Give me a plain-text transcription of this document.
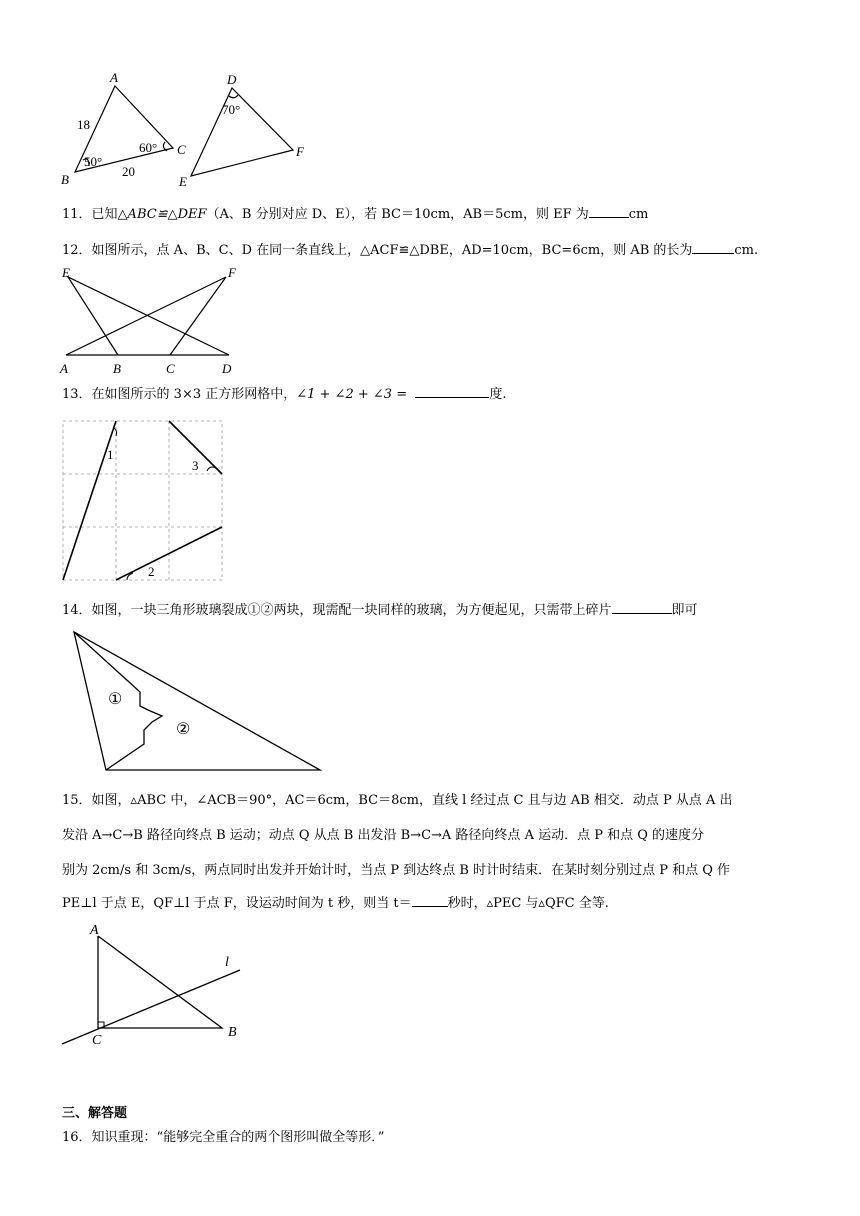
A
B
C
18
20
50°
60°
D
E
F
70°
11．已知△ABC≌△DEF（A、B 分别对应 D、E），若 BC＝10cm，AB＝5cm，则 EF 为	cm
12．如图所示，点 A、B、C、D 在同一条直线上，△ACF≌△DBE，AD=10cm，BC=6cm，则 AB 的长为	cm.
E	F
A	B	C	D
13．在如图所示的 3×3 正方形网格中，∠1 + ∠2 + ∠3 =	度.
1
3
2
14．如图，一块三角形玻璃裂成①②两块，现需配一块同样的玻璃，为方便起见，只需带上碎片	即可
①
②
15．如图，▵ABC 中，∠ACB＝90°，AC＝6cm，BC＝8cm，直线 l 经过点 C 且与边 AB 相交．动点 P 从点 A 出
发沿 A→C→B 路径向终点 B 运动；动点 Q 从点 B 出发沿 B→C→A 路径向终点 A 运动．点 P 和点 Q 的速度分
别为 2cm/s 和 3cm/s，两点同时出发并开始计时，当点 P 到达终点 B 时计时结束．在某时刻分别过点 P 和点 Q 作
PE⊥l 于点 E，QF⊥l 于点 F，设运动时间为 t 秒，则当 t＝	秒时，▵PEC 与▵QFC 全等.
A
B
C
l
三、解答题
16．知识重现：“能够完全重合的两个图形叫做全等形．”
